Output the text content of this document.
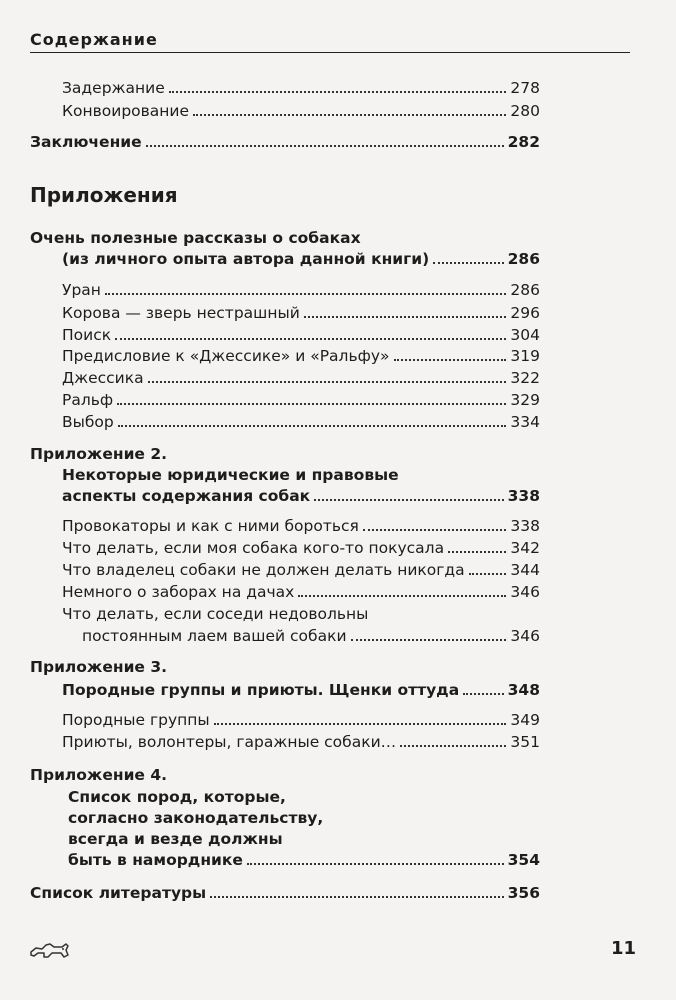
Содержание
Задержание	278
Конвоирование	280
Заключение	282
Приложения
Очень полезные рассказы о собаках
(из личного опыта автора данной книги)	286
Уран	286
Корова — зверь нестрашный	296
Поиск	304
Предисловие к «Джессике» и «Ральфу»	319
Джессика	322
Ральф	329
Выбор	334
Приложение 2.
Некоторые юридические и правовые
аспекты содержания собак	338
Провокаторы и как с ними бороться	338
Что делать, если моя собака кого-то покусала	342
Что владелец собаки не должен делать никогда	344
Немного о заборах на дачах	346
Что делать, если соседи недовольны
постоянным лаем вашей собаки	346
Приложение 3.
Породные группы и приюты. Щенки оттуда	348
Породные группы	349
Приюты, волонтеры, гаражные собаки…	351
Приложение 4.
Список пород, которые,
согласно законодательству,
всегда и везде должны
быть в наморднике	354
Список литературы	356
11
